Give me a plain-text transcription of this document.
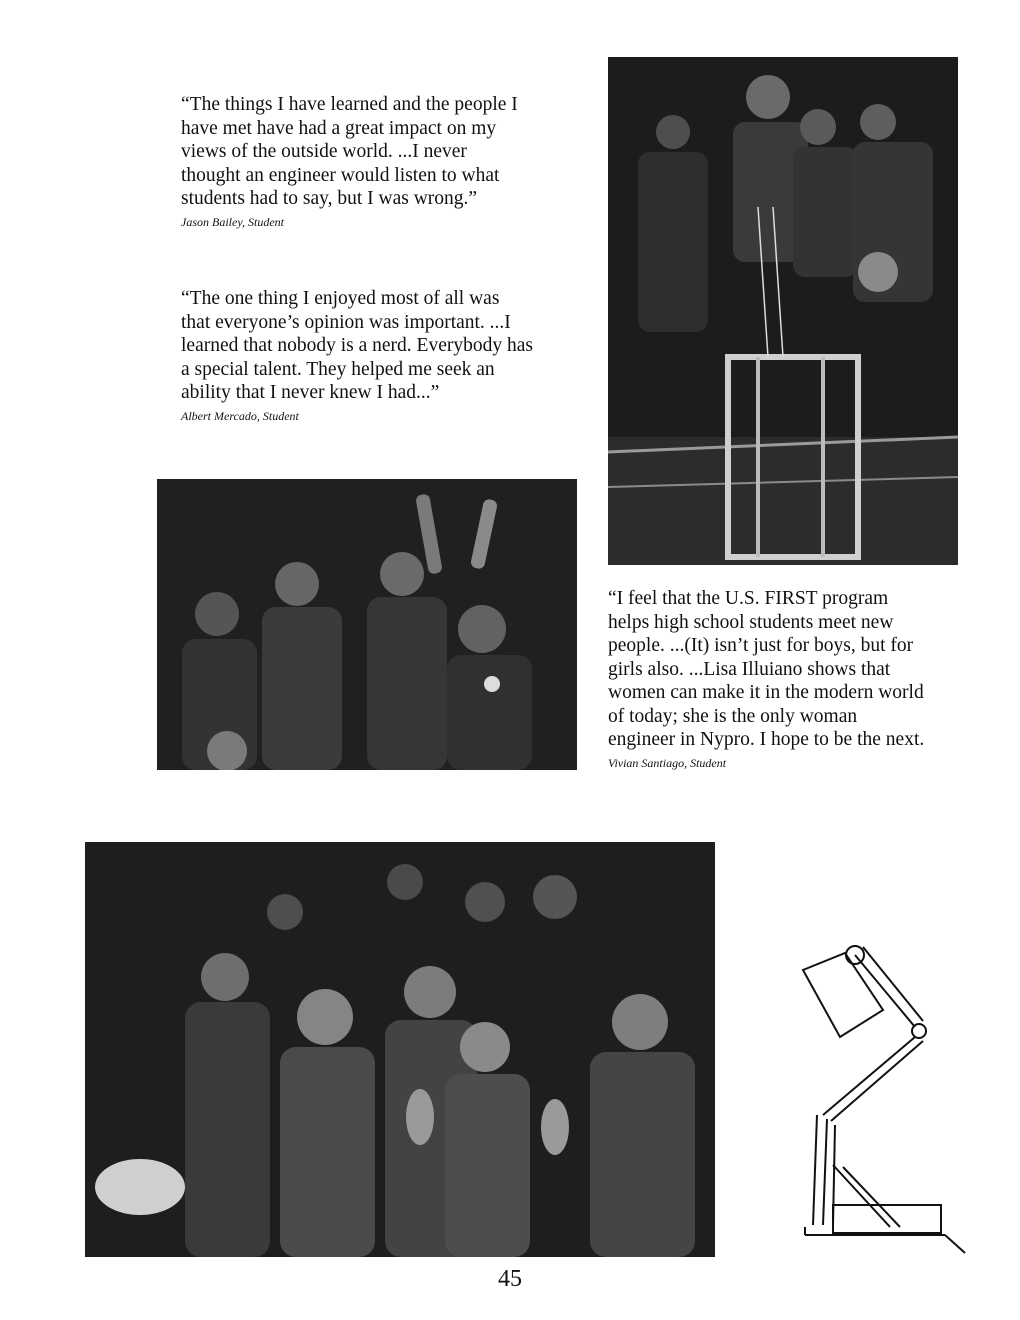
“The things I have learned and the people I have met have had a great impact on my views of the outside world. ...I never thought an engineer would listen to what students had to say, but I was wrong.”
Jason Bailey, Student
“The one thing I enjoyed most of all was that everyone’s opinion was important. ...I learned that nobody is a nerd. Everybody has a special talent. They helped me seek an ability that I never knew I had...”
Albert Mercado, Student
“I feel that the U.S. FIRST program helps high school students meet new people. ...(It) isn’t just for boys, but for girls also. ...Lisa Illuiano shows that women can make it in the modern world of today; she is the only woman engineer in Nypro. I hope to be the next.
Vivian Santiago, Student
45
